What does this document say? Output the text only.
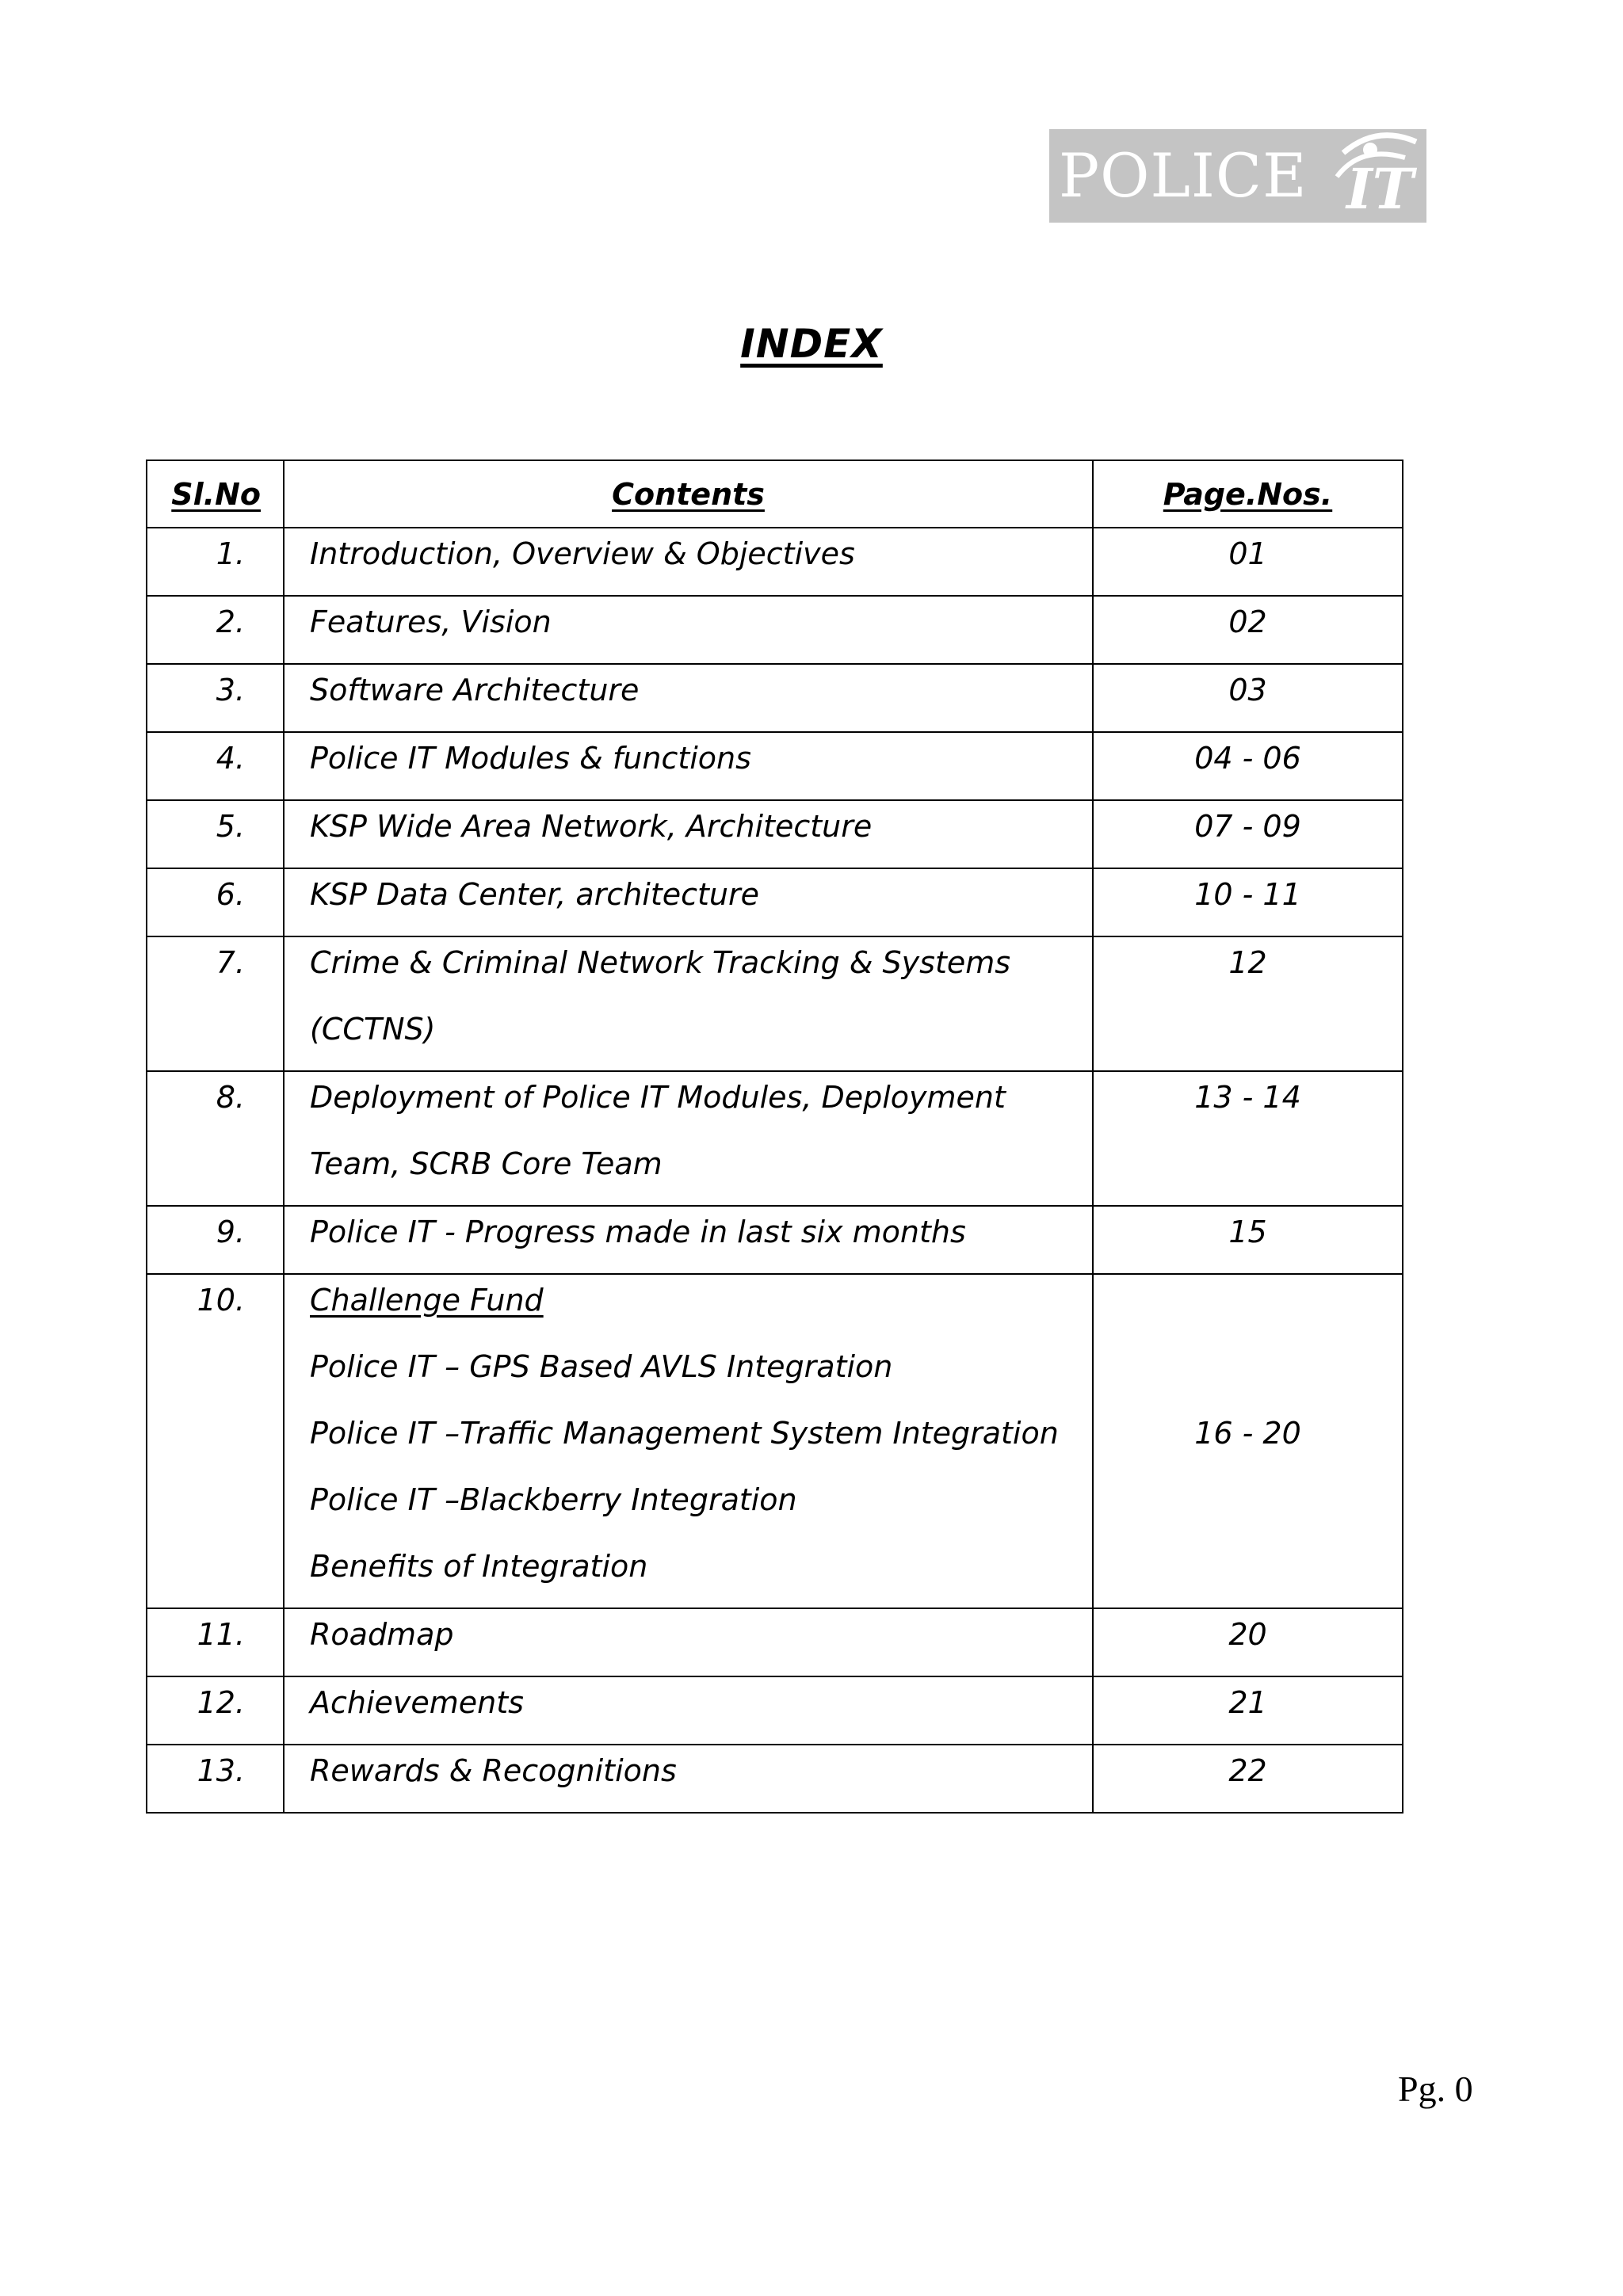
POLICE IT
INDEX
Sl.No	Contents	Page.Nos.

1.	Introduction, Overview & Objectives	01

2.	Features, Vision	02

3.	Software Architecture	03

4.	Police IT Modules & functions	04 - 06

5.	KSP Wide Area Network, Architecture	07 - 09

6.	KSP Data Center, architecture	10 - 11

7.	Crime & Criminal Network Tracking & Systems
(CCTNS)	12

8.	Deployment of Police IT Modules, Deployment
Team, SCRB Core Team	13 - 14

9.	Police IT - Progress made in last six months	15

10.	Challenge Fund
Police IT – GPS Based AVLS Integration
Police IT –Traffic Management System Integration
Police IT –Blackberry Integration
Benefits of Integration	16 - 20

11.	Roadmap	20

12.	Achievements	21

13.	Rewards & Recognitions	22
Pg. 0
